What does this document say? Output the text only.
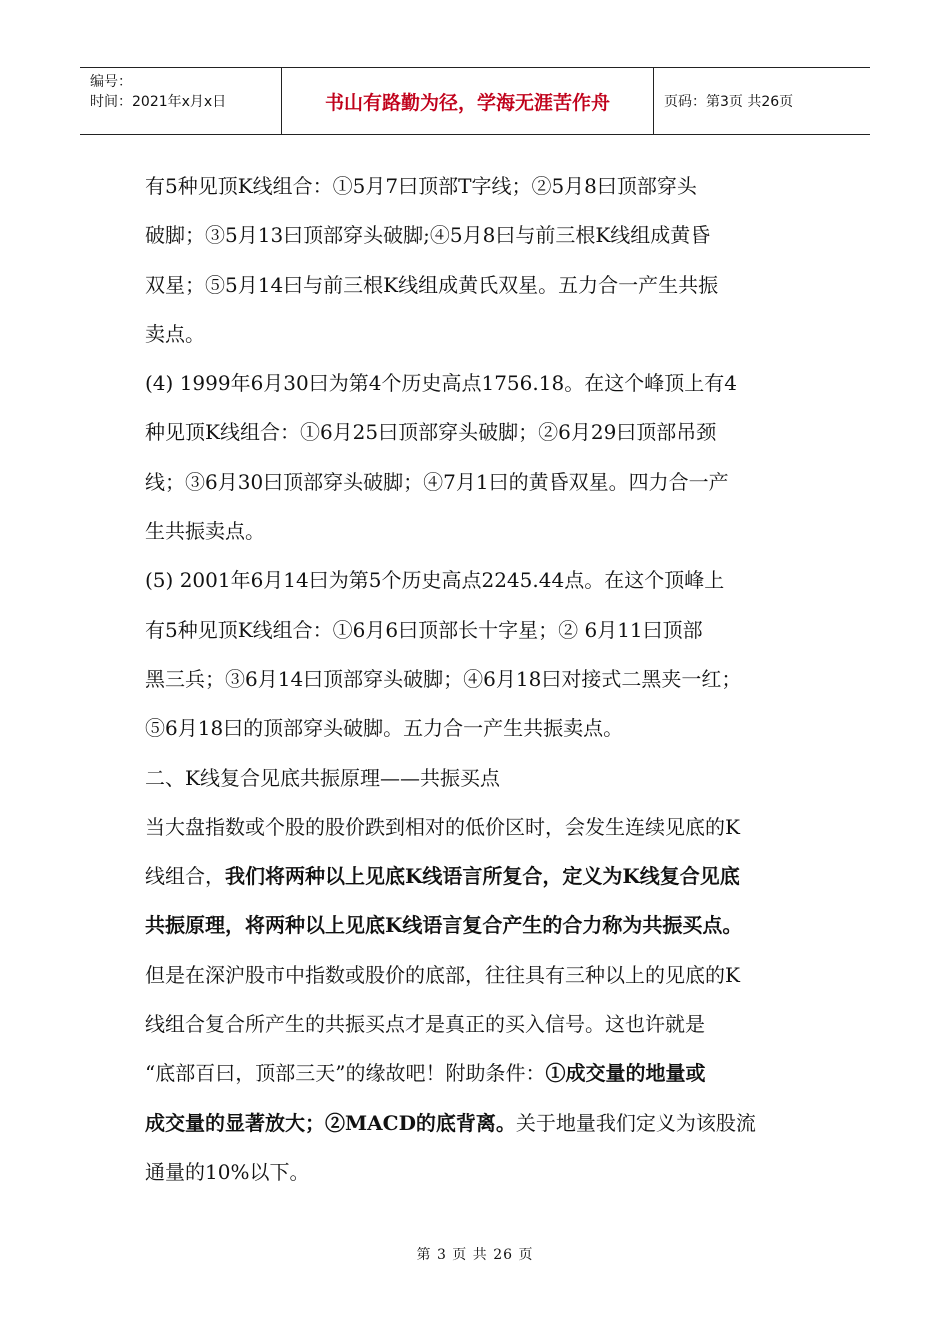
编号：
时间：2021年x月x日	书山有路勤为径，学海无涯苦作舟	页码：第3页 共26页
有5种见顶K线组合：①5月7曰顶部T字线；②5月8曰顶部穿头
破脚；③5月13曰顶部穿头破脚;④5月8曰与前三根K线组成黄昏
双星；⑤5月14曰与前三根K线组成黄氏双星。五力合一产生共振
卖点。
(4) 1999年6月30曰为第4个历史高点1756.18。在这个峰顶上有4
种见顶K线组合：①6月25曰顶部穿头破脚；②6月29曰顶部吊颈
线；③6月30曰顶部穿头破脚；④7月1曰的黄昏双星。四力合一产
生共振卖点。
(5) 2001年6月14曰为第5个历史高点2245.44点。在这个顶峰上
有5种见顶K线组合：①6月6曰顶部长十字星；② 6月11曰顶部
黑三兵；③6月14曰顶部穿头破脚；④6月18曰对接式二黑夹一红；
⑤6月18曰的顶部穿头破脚。五力合一产生共振卖点。
二、K线复合见底共振原理——共振买点
当大盘指数或个股的股价跌到相对的低价区时，会发生连续见底的K
线组合，我们将两种以上见底K线语言所复合，定义为K线复合见底
共振原理，将两种以上见底K线语言复合产生的合力称为共振买点。
但是在深沪股市中指数或股价的底部，往往具有三种以上的见底的K
线组合复合所产生的共振买点才是真正的买入信号。这也许就是
“底部百曰，顶部三天”的缘故吧！附助条件：①成交量的地量或
成交量的显著放大；②MACD的底背离。关于地量我们定义为该股流
通量的10%以下。
第 3 页 共 26 页
